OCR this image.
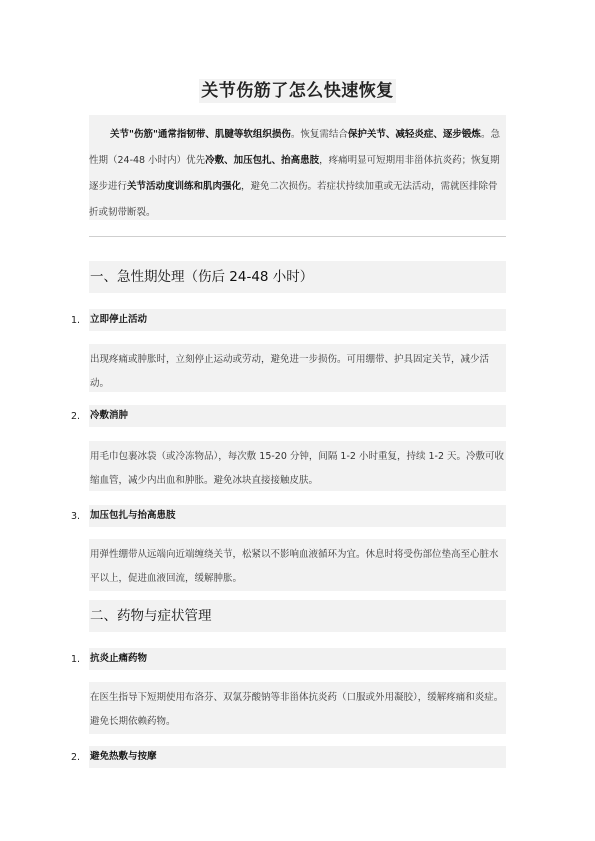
关节伤筋了怎么快速恢复
关节"伤筋"通常指韧带、肌腱等软组织损伤。恢复需结合保护关节、减轻炎症、逐步锻炼。急性期（24-48 小时内）优先冷敷、加压包扎、抬高患肢，疼痛明显可短期用非甾体抗炎药；恢复期逐步进行关节活动度训练和肌肉强化，避免二次损伤。若症状持续加重或无法活动，需就医排除骨折或韧带断裂。
一、急性期处理（伤后 24-48 小时）
1. 立即停止活动
出现疼痛或肿胀时，立刻停止运动或劳动，避免进一步损伤。可用绷带、护具固定关节，减少活动。
2. 冷敷消肿
用毛巾包裹冰袋（或冷冻物品），每次敷 15-20 分钟，间隔 1-2 小时重复，持续 1-2 天。冷敷可收缩血管，减少内出血和肿胀。避免冰块直接接触皮肤。
3. 加压包扎与抬高患肢
用弹性绷带从远端向近端缠绕关节，松紧以不影响血液循环为宜。休息时将受伤部位垫高至心脏水平以上，促进血液回流，缓解肿胀。
二、药物与症状管理
1. 抗炎止痛药物
在医生指导下短期使用布洛芬、双氯芬酸钠等非甾体抗炎药（口服或外用凝胶），缓解疼痛和炎症。避免长期依赖药物。
2. 避免热敷与按摩
